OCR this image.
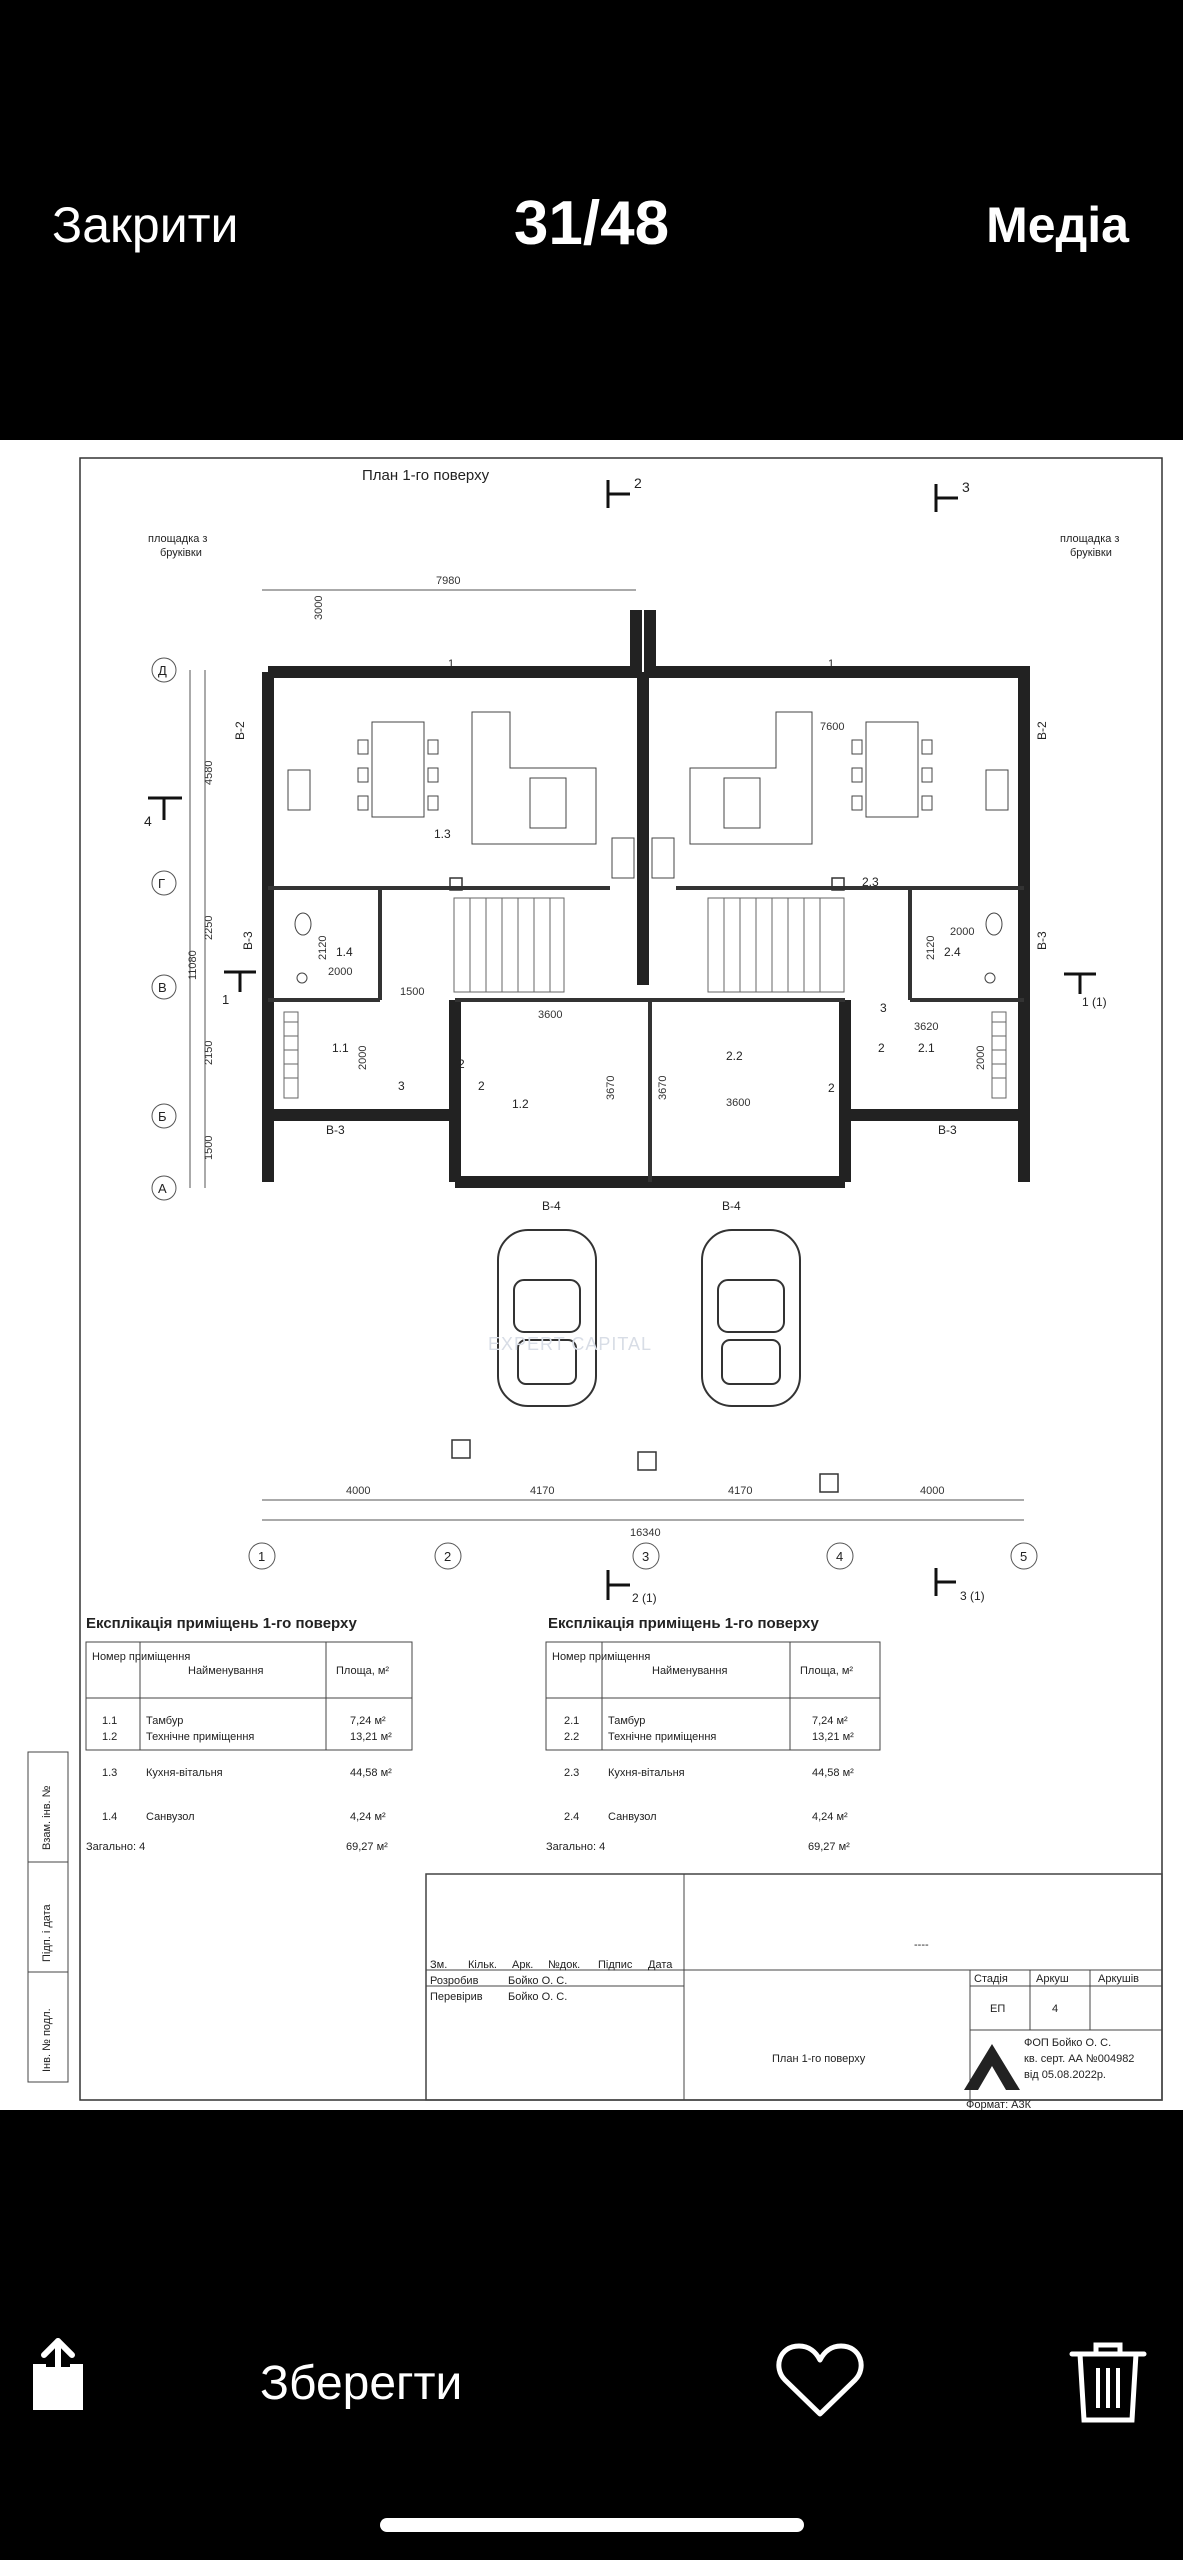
Закрити	31/48	Медіа
План 1-го поверху
площадка з
бруківки
площадка з
бруківки
7980
3000
2	3
4
1	1 (1)
Д
Г
В
Б
А
4580
2250
2150
1500
11080
1.3
2.3
1.4	2.4
1.1	2.1
1.2
2.2
3600
3600
3620
3670	3670
2000
2000
2000
2000
1500
2120	2120
7600
В-2	В-2
В-3	В-3
В-3	В-3
В-4	В-4
1	1
2
2	2
2
3
3
EXPERT CAPITAL
4000	4170	4170	4000
16340
1	2	3	4	5
2 (1)	3 (1)
Експлікація приміщень 1-го поверху
Номер приміщення
Найменування	Площа, м²
1.1	Тамбур	7,24 м²
1.2	Технічне приміщення	13,21 м²
1.3	Кухня-вітальня	44,58 м²
1.4	Санвузол	4,24 м²
Загально: 4	69,27 м²
Експлікація приміщень 1-го поверху
Номер приміщення
Найменування	Площа, м²
2.1	Тамбур	7,24 м²
2.2	Технічне приміщення	13,21 м²
2.3	Кухня-вітальня	44,58 м²
2.4	Санвузол	4,24 м²
Загально: 4	69,27 м²
Взам. інв. №
Підп. і дата
Інв. № подл.
Зм. Кільк. Арк. №док. Підпис Дата
Розробив	Бойко О. С.
Перевірив Бойко О. С.
----
Стадія	Аркуш	Аркушів
ЕП	4
План 1-го поверху
ФОП Бойко О. С.
кв. серт. АА №004982
від 05.08.2022р.
Формат: А3К
Зберегти
